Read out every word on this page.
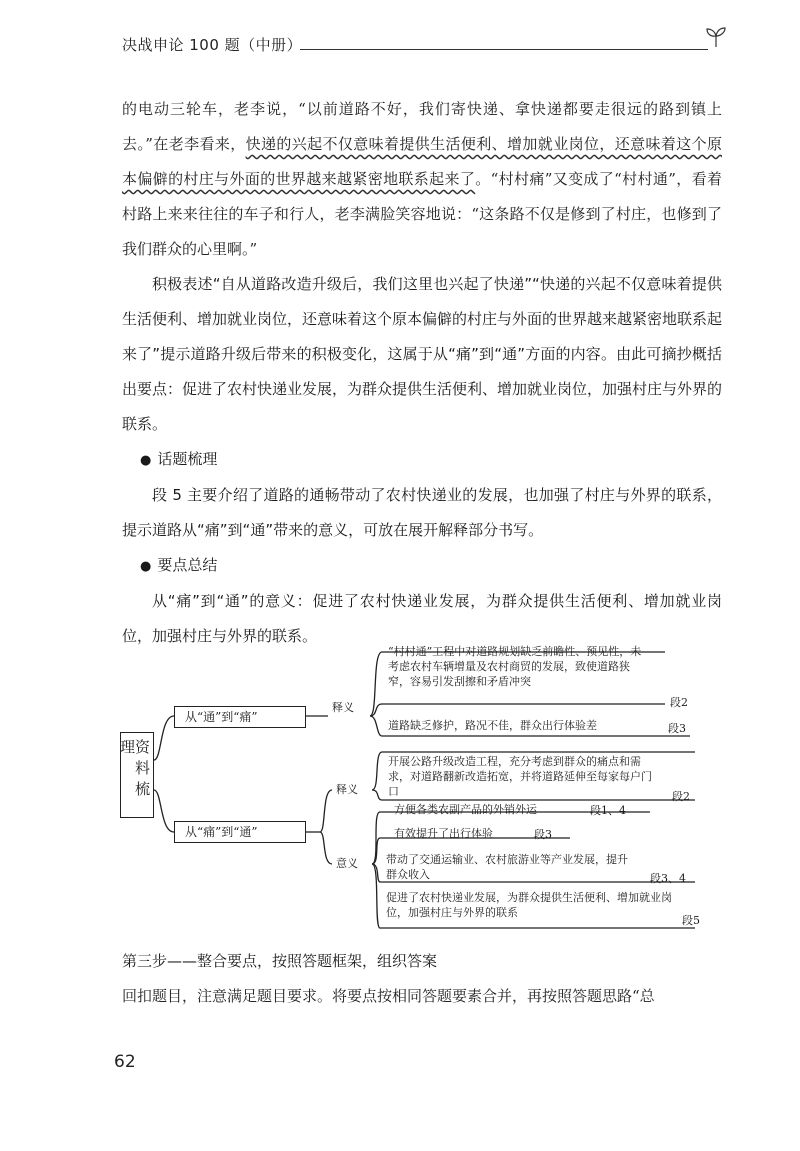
决战申论 100 题（中册）

的电动三轮车，老李说，“以前道路不好，我们寄快递、拿快递都要走很远的路到镇上去。”在老李看来，快递的兴起不仅意味着提供生活便利、增加就业岗位，还意味着这个原本偏僻的村庄与外面的世界越来越紧密地联系起来了。“村村痛”又变成了“村村通”，看着村路上来来往往的车子和行人，老李满脸笑容地说：“这条路不仅是修到了村庄，也修到了我们群众的心里啊。”

积极表述“自从道路改造升级后，我们这里也兴起了快递”“快递的兴起不仅意味着提供生活便利、增加就业岗位，还意味着这个原本偏僻的村庄与外面的世界越来越紧密地联系起来了”提示道路升级后带来的积极变化，这属于从“痛”到“通”方面的内容。由此可摘抄概括出要点：促进了农村快递业发展，为群众提供生活便利、增加就业岗位，加强村庄与外界的联系。

● 话题梳理

段 5 主要介绍了道路的通畅带动了农村快递业的发展，也加强了村庄与外界的联系，提示道路从“痛”到“通”带来的意义，可放在展开解释部分书写。

● 要点总结

从“痛”到“通”的意义：促进了农村快递业发展，为群众提供生活便利、增加就业岗位，加强村庄与外界的联系。

资料梳理
从“通”到“痛”
从“痛”到“通”
释义
释义
意义
“村村通”工程中对道路规划缺乏前瞻性、预见性，未考虑农村车辆增量及农村商贸的发展，致使道路狭窄，容易引发刮擦和矛盾冲突
段2
道路缺乏修护，路况不佳，群众出行体验差	段3
开展公路升级改造工程，充分考虑到群众的痛点和需求，对道路翻新改造拓宽，并将道路延伸至每家每户门口	段2
方便各类农副产品的外销外运	段1、4
有效提升了出行体验	段3
带动了交通运输业、农村旅游业等产业发展，提升群众收入	段3、4
促进了农村快递业发展，为群众提供生活便利、增加就业岗位，加强村庄与外界的联系
段5

第三步——整合要点，按照答题框架，组织答案

回扣题目，注意满足题目要求。将要点按相同答题要素合并，再按照答题思路“总

62
